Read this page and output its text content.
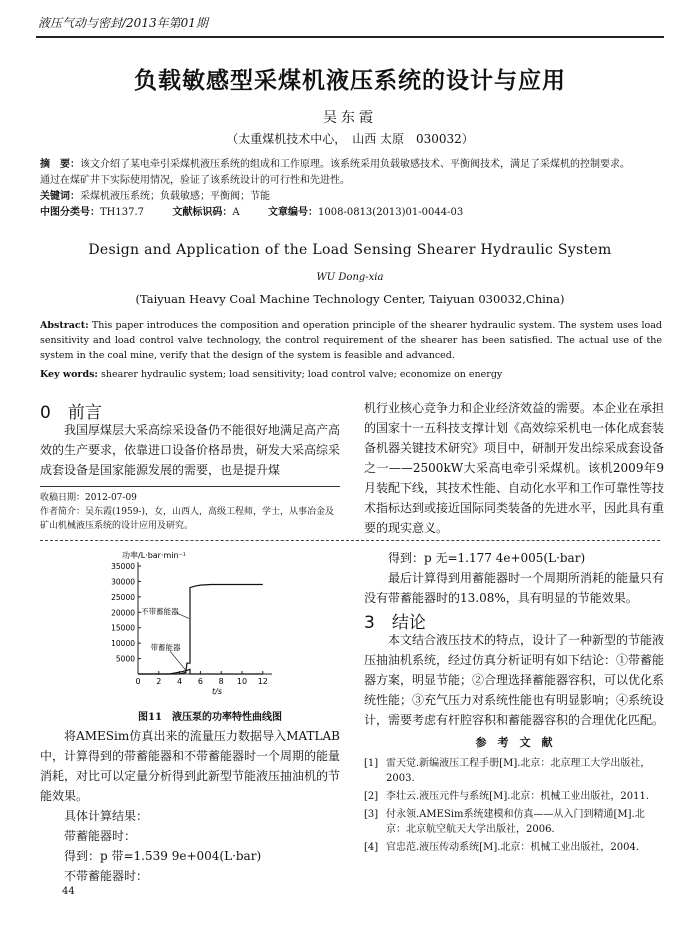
液压气动与密封/2013年第01期
负载敏感型采煤机液压系统的设计与应用
吴东霞
（太重煤机技术中心，　山西 太原　030032）
摘　要：该文介绍了某电牵引采煤机液压系统的组成和工作原理。该系统采用负载敏感技术、平衡阀技术，满足了采煤机的控制要求。
通过在煤矿井下实际使用情况，验证了该系统设计的可行性和先进性。
关键词：采煤机液压系统；负载敏感；平衡阀；节能
中图分类号：TH137.7	文献标识码：A	文章编号：1008-0813(2013)01-0044-03
Design and Application of the Load Sensing Shearer Hydraulic System
WU Dong-xia
(Taiyuan Heavy Coal Machine Technology Center, Taiyuan 030032,China)
Abstract: This paper introduces the composition and operation principle of the shearer hydraulic system. The system uses load sensitivity and load control valve technology, the control requirement of the shearer has been satisfied. The actual use of the system in the coal mine, verify that the design of the system is feasible and advanced.
Key words: shearer hydraulic system; load sensitivity; load control valve; economize on energy
0　前言
我国厚煤层大采高综采设备仍不能很好地满足高产高效的生产要求，依靠进口设备价格昂贵，研发大采高综采成套设备是国家能源发展的需要，也是提升煤
收稿日期：2012-07-09
作者简介：吴东霞(1959-)，女，山西人，高级工程师，学士，从事冶金及矿山机械液压系统的设计应用及研究。
机行业核心竞争力和企业经济效益的需要。本企业在承担的国家十一五科技支撑计划《高效综采机电一体化成套装备机器关键技术研究》项目中，研制开发出综采成套设备之一——2500kW大采高电牵引采煤机。该机2009年9月装配下线，其技术性能、自动化水平和工作可靠性等技术指标达到或接近国际同类装备的先进水平，因此具有重要的现实意义。
功率/L·bar·min⁻¹
0 2 4 6 8 10 12
5000
10000
15000
20000
25000
30000
35000
不带蓄能器
带蓄能器
t/s
图11　液压泵的功率特性曲线图
将AMESim仿真出来的流量压力数据导入MATLAB中，计算得到的带蓄能器和不带蓄能器时一个周期的能量消耗，对比可以定量分析得到此新型节能液压抽油机的节能效果。
具体计算结果：
带蓄能器时：
得到：p 带=1.539 9e+004(L·bar)
不带蓄能器时：
44
得到：p 无=1.177 4e+005(L·bar)
最后计算得到用蓄能器时一个周期所消耗的能量只有没有带蓄能器时的13.08%，具有明显的节能效果。
3　结论
本文结合液压技术的特点，设计了一种新型的节能液压抽油机系统，经过仿真分析证明有如下结论：①带蓄能器方案，明显节能；②合理选择蓄能器容积，可以优化系统性能；③充气压力对系统性能也有明显影响；④系统设计，需要考虑有杆腔容积和蓄能器容积的合理优化匹配。
参　考　文　献
[1] 雷天觉.新编液压工程手册[M].北京：北京理工大学出版社，2003.
[2] 李壮云.液压元件与系统[M].北京：机械工业出版社，2011.
[3] 付永领.AMESim系统建模和仿真——从入门到精通[M].北京：北京航空航天大学出版社，2006.
[4] 官忠范.液压传动系统[M].北京：机械工业出版社，2004.
